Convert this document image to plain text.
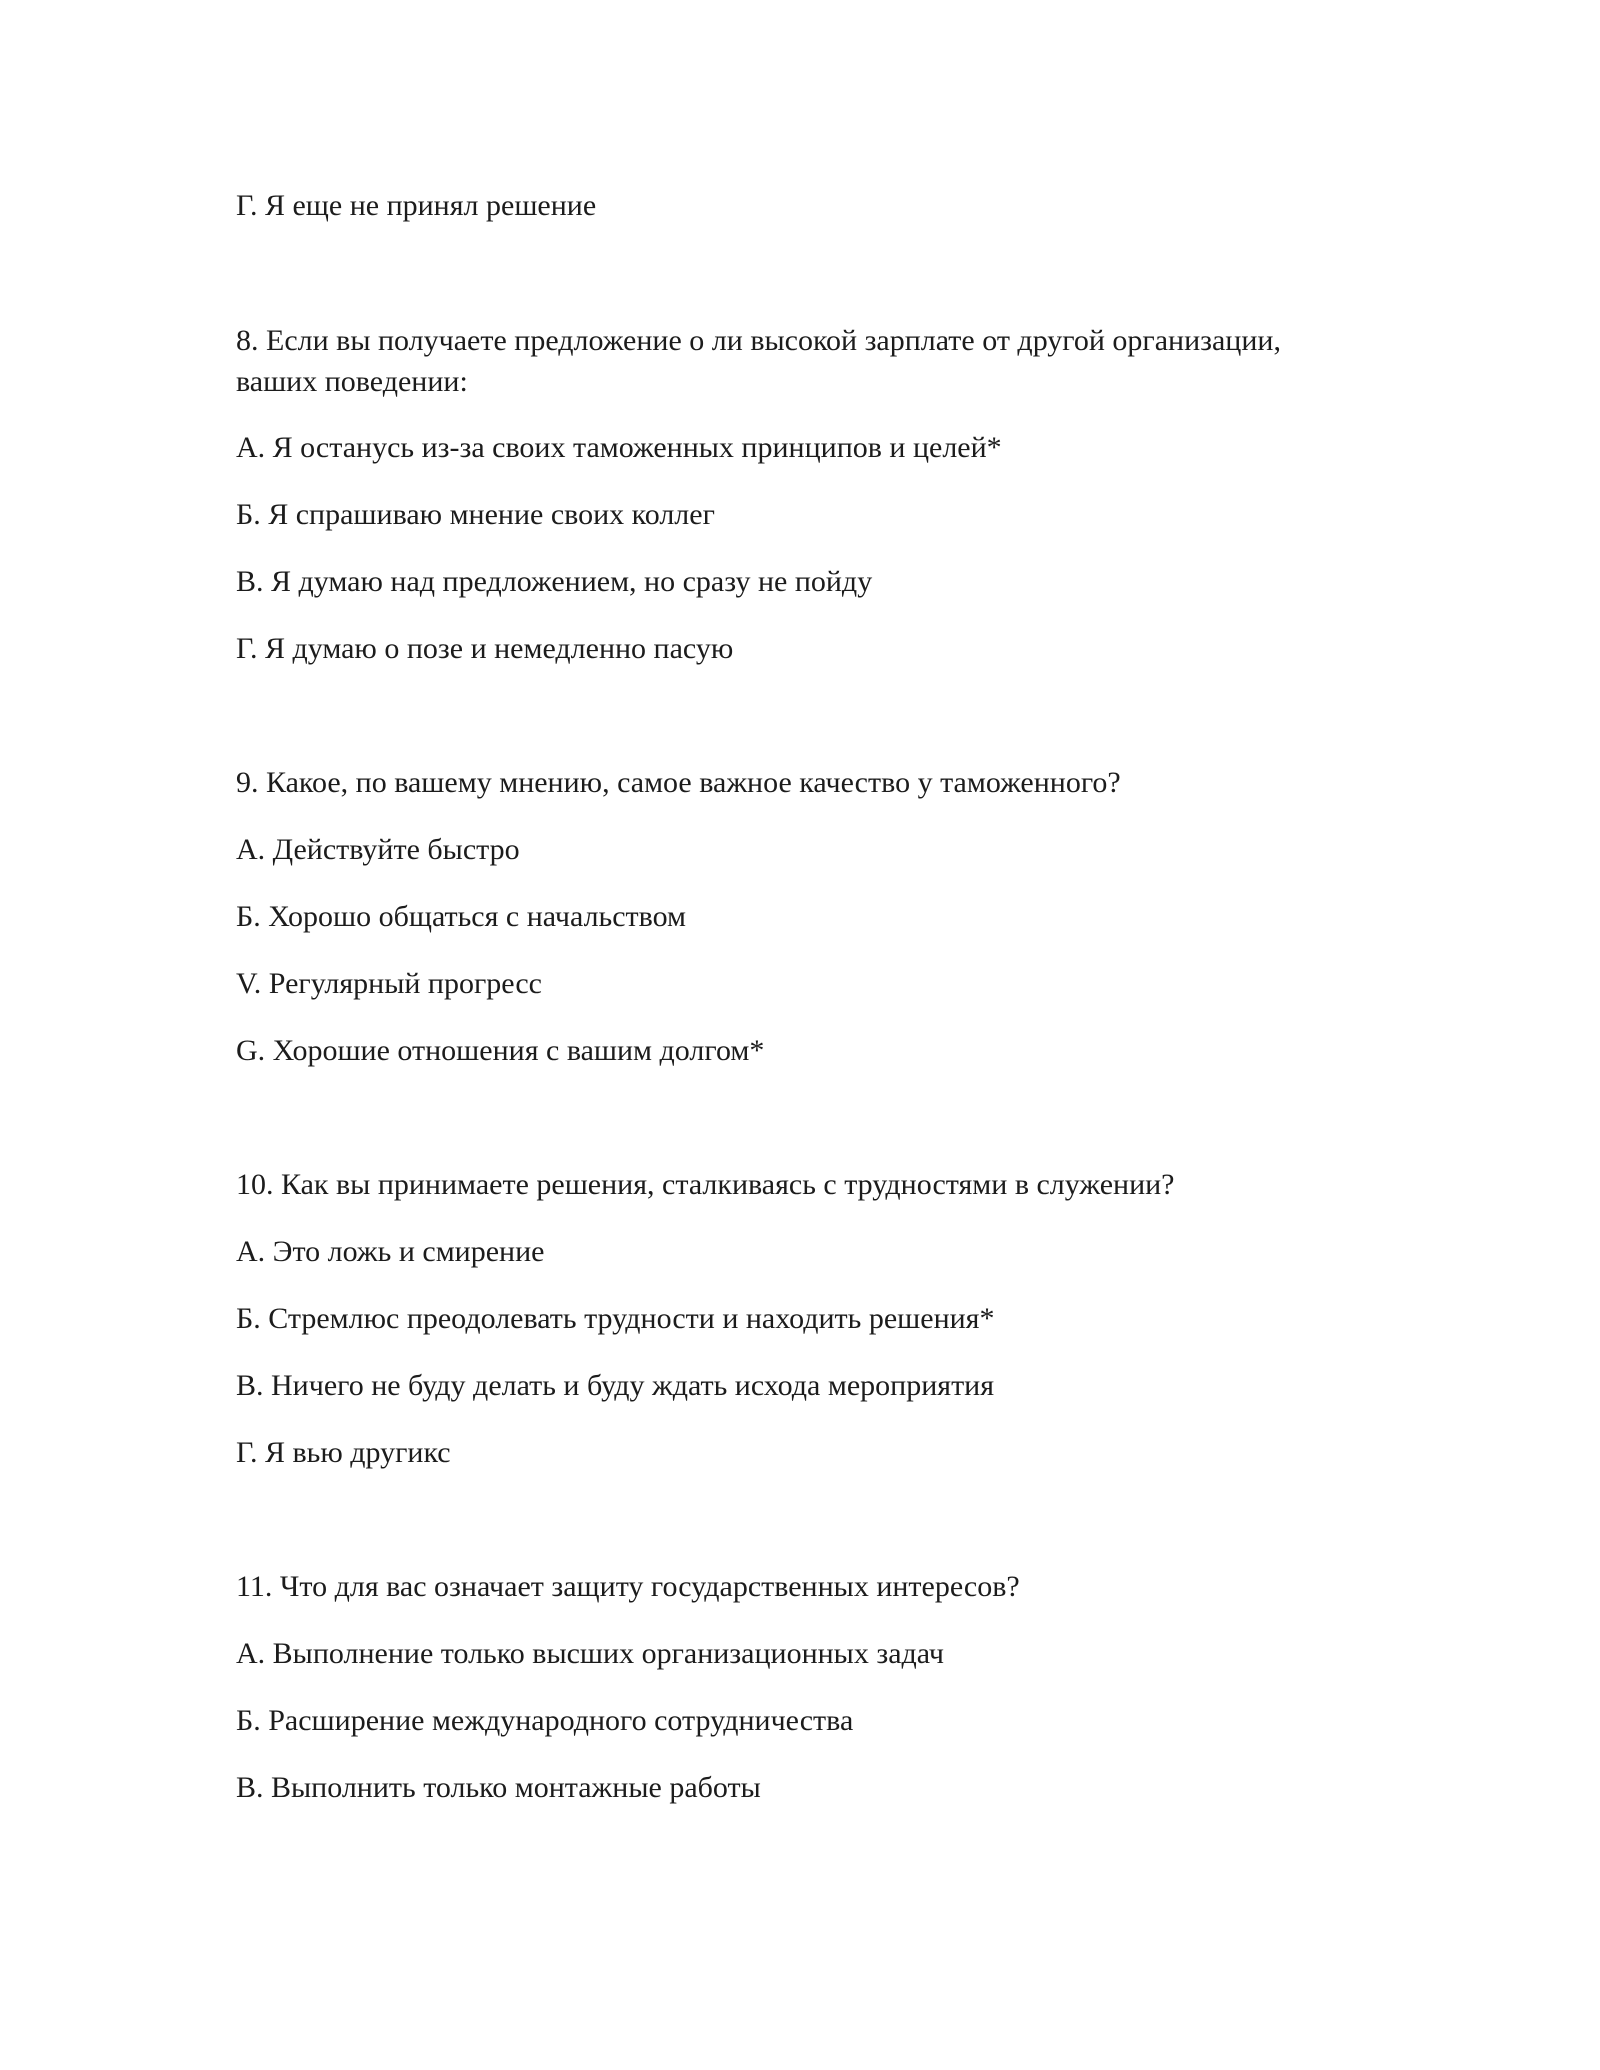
Г. Я еще не принял решение

8. Если вы получаете предложение о ли высокой зарплате от другой организации,

ваших поведении:

А. Я останусь из-за своих таможенных принципов и целей*

Б. Я спрашиваю мнение своих коллег

В. Я думаю над предложением, но сразу не пойду

Г. Я думаю о позе и немедленно пасую

9. Какое, по вашему мнению, самое важное качество у таможенного?

A. Действуйте быстро

Б. Хорошо общаться с начальством

V. Регулярный прогресс

G. Хорошие отношения с вашим долгом*

10. Как вы принимаете решения, сталкиваясь с трудностями в служении?

А. Это ложь и смирение

Б. Стремлюс преодолевать трудности и находить решения*

В. Ничего не буду делать и буду ждать исхода мероприятия

Г. Я вью другикс

11. Что для вас означает защиту государственных интересов?

А. Выполнение только высших организационных задач

Б. Расширение международного сотрудничества

В. Выполнить только монтажные работы
